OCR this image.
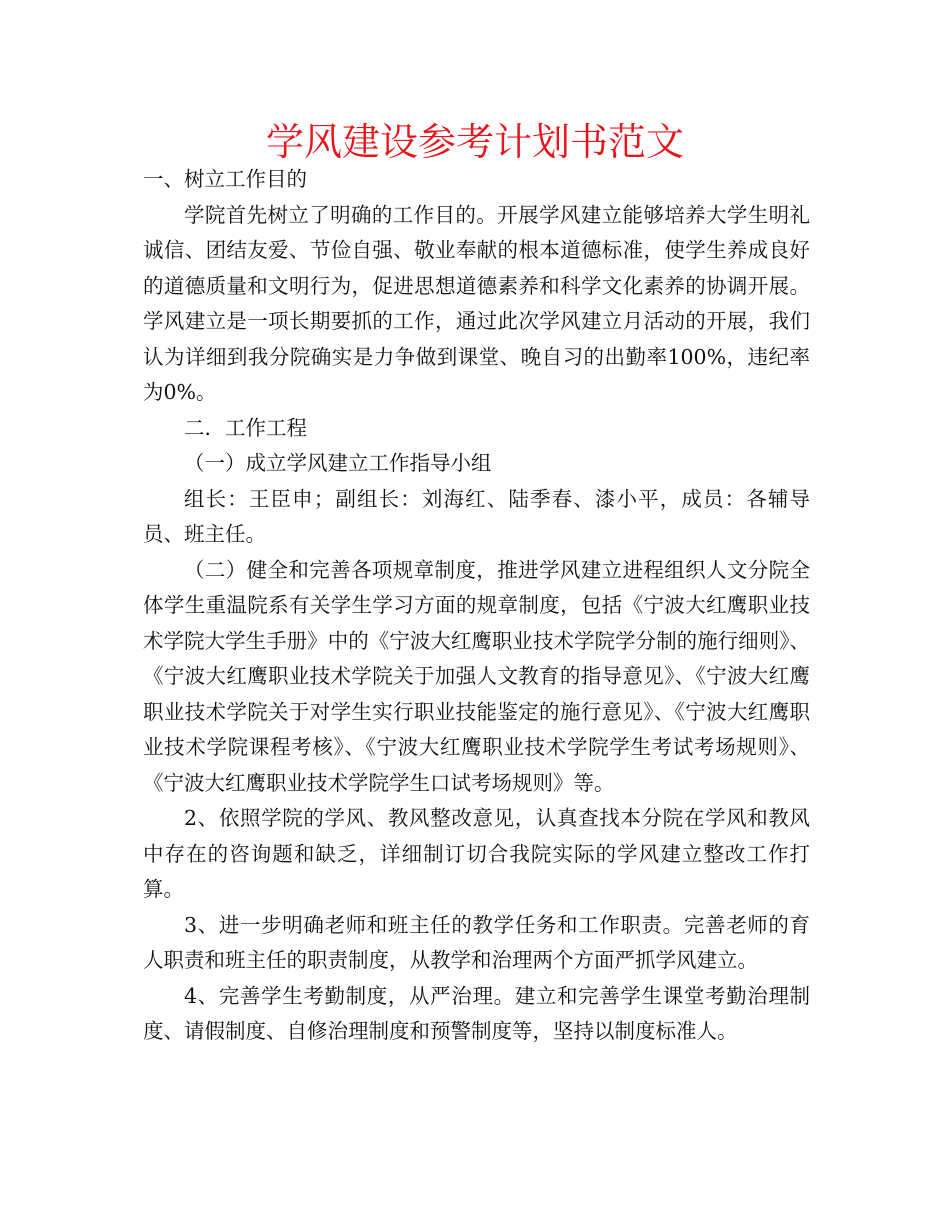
学风建设参考计划书范文

一、树立工作目的

学院首先树立了明确的工作目的。开展学风建立能够培养大学生明礼诚信、团结友爱、节俭自强、敬业奉献的根本道德标准，使学生养成良好的道德质量和文明行为，促进思想道德素养和科学文化素养的协调开展。学风建立是一项长期要抓的工作，通过此次学风建立月活动的开展，我们认为详细到我分院确实是力争做到课堂、晚自习的出勤率100%，违纪率为0%。

二．工作工程

（一）成立学风建立工作指导小组

组长：王臣申；副组长：刘海红、陆季春、漆小平，成员：各辅导员、班主任。

（二）健全和完善各项规章制度，推进学风建立进程组织人文分院全体学生重温院系有关学生学习方面的规章制度，包括《宁波大红鹰职业技术学院大学生手册》中的《宁波大红鹰职业技术学院学分制的施行细则》、《宁波大红鹰职业技术学院关于加强人文教育的指导意见》、《宁波大红鹰职业技术学院关于对学生实行职业技能鉴定的施行意见》、《宁波大红鹰职业技术学院课程考核》、《宁波大红鹰职业技术学院学生考试考场规则》、《宁波大红鹰职业技术学院学生口试考场规则》等。

2、依照学院的学风、教风整改意见，认真查找本分院在学风和教风中存在的咨询题和缺乏，详细制订切合我院实际的学风建立整改工作打算。

3、进一步明确老师和班主任的教学任务和工作职责。完善老师的育人职责和班主任的职责制度，从教学和治理两个方面严抓学风建立。

4、完善学生考勤制度，从严治理。建立和完善学生课堂考勤治理制度、请假制度、自修治理制度和预警制度等，坚持以制度标准人。
